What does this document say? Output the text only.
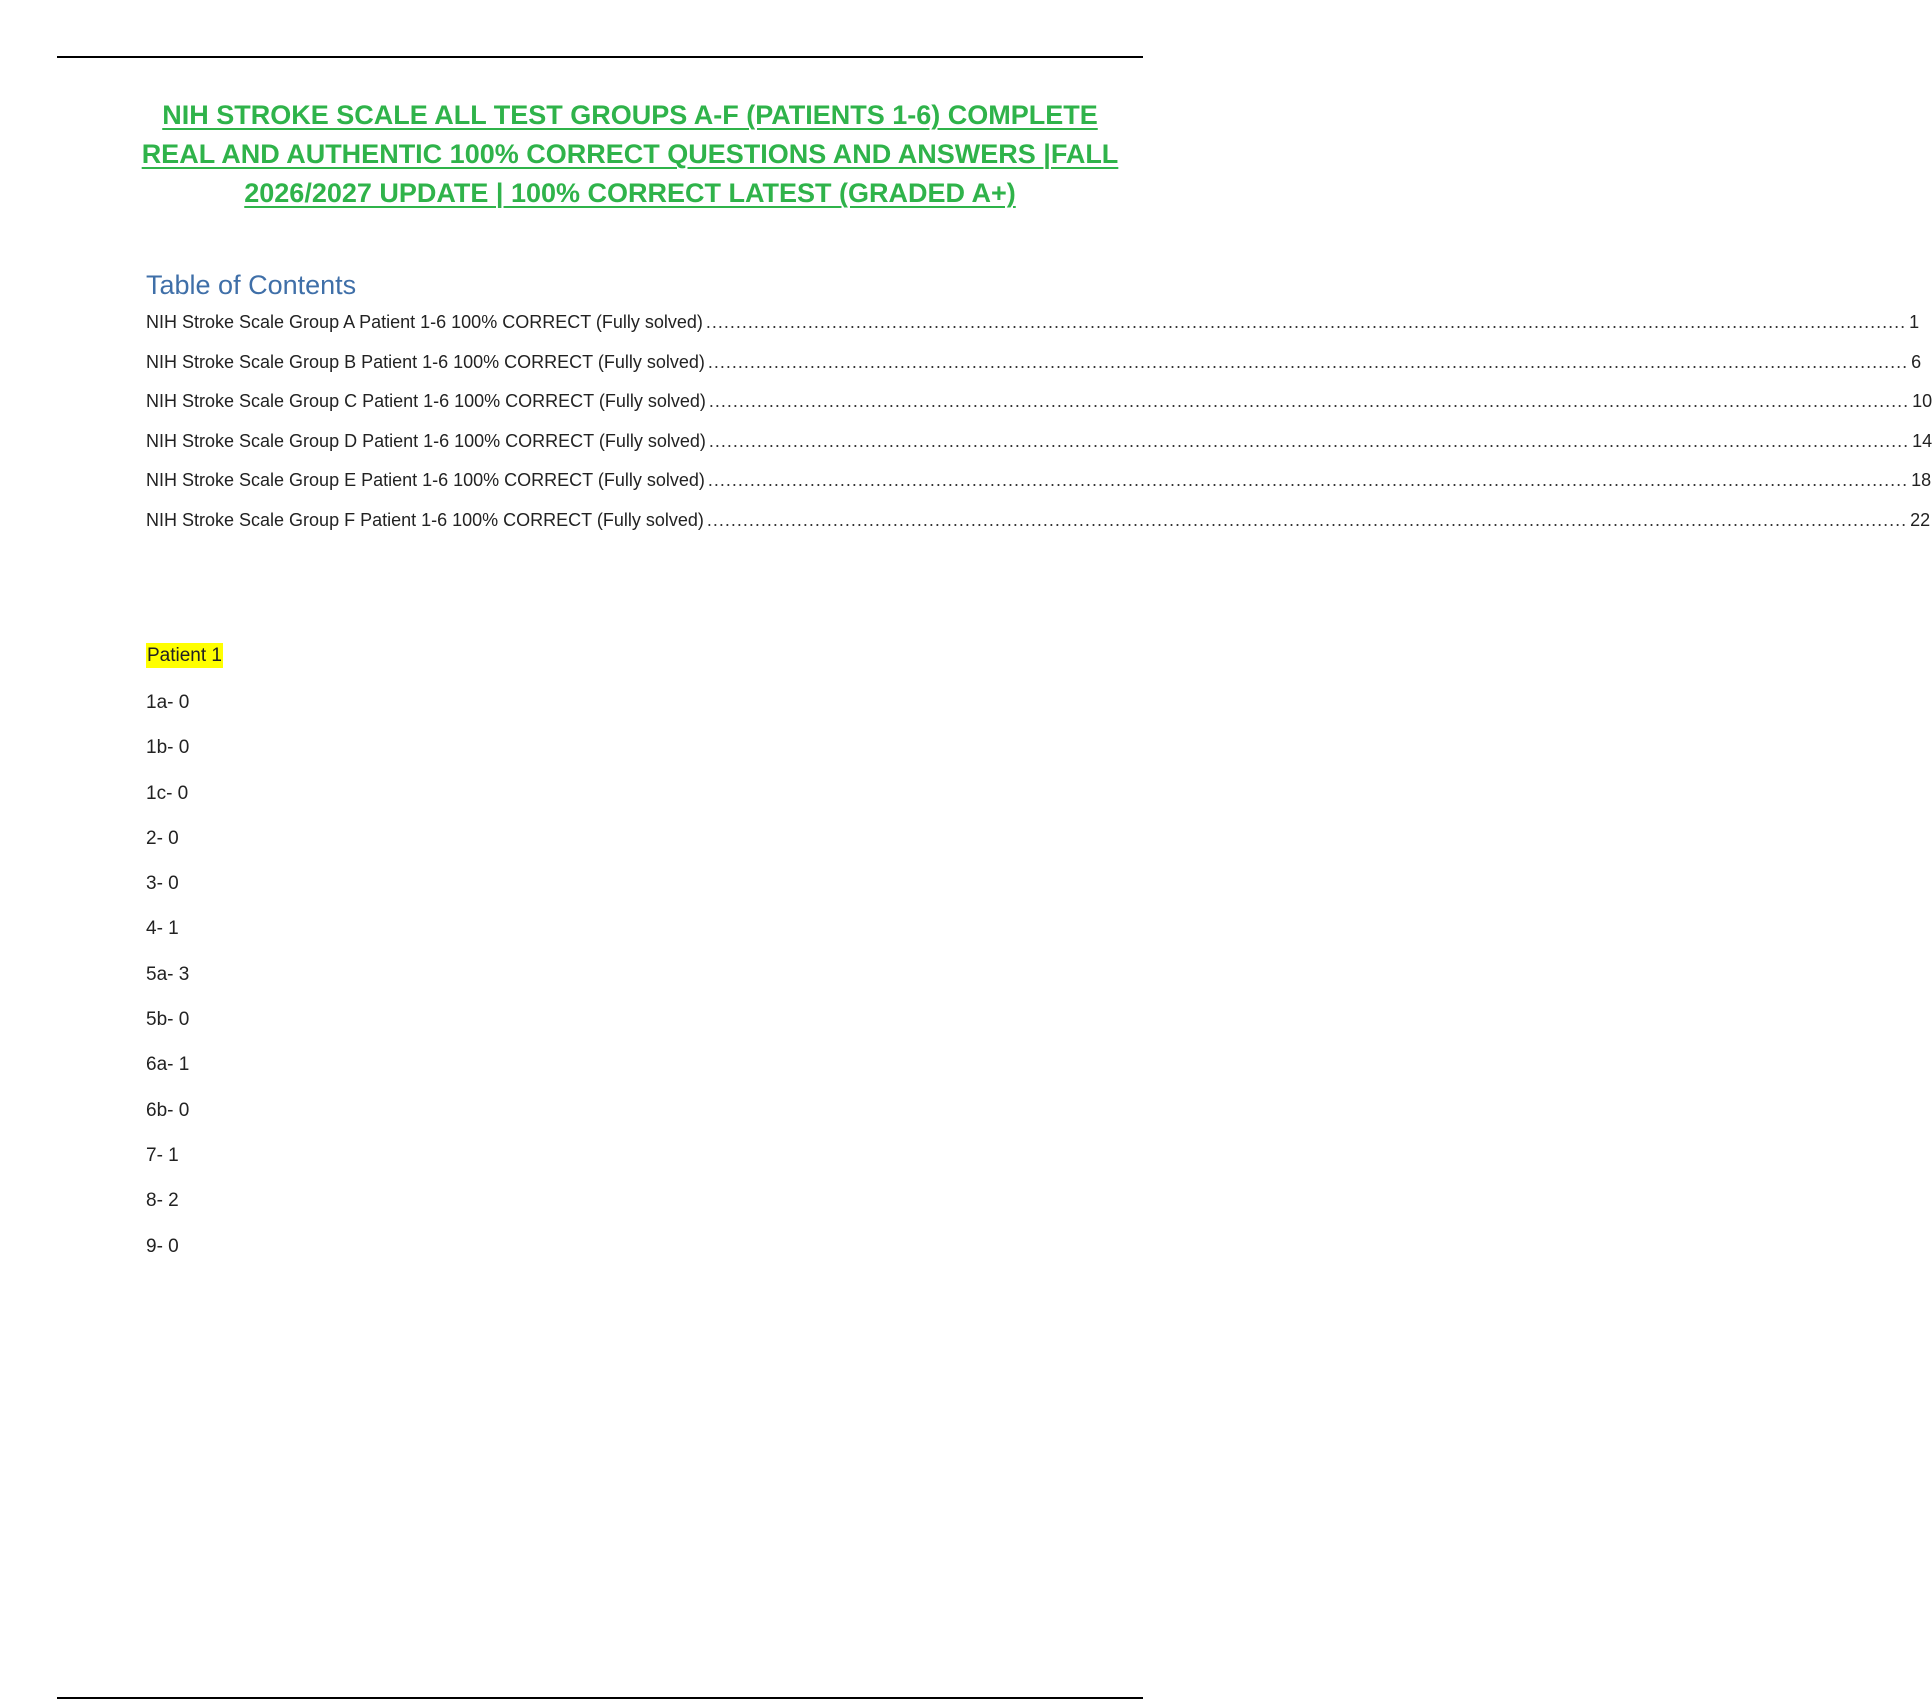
NIH STROKE SCALE ALL TEST GROUPS A-F (PATIENTS 1-6) COMPLETE
REAL AND AUTHENTIC 100% CORRECT QUESTIONS AND ANSWERS |FALL
2026/2027 UPDATE | 100% CORRECT LATEST (GRADED A+)
Table of Contents
NIH Stroke Scale Group A Patient 1-6 100% CORRECT (Fully solved) ........................................................................................................................................................................................................ 1
NIH Stroke Scale Group B Patient 1-6 100% CORRECT (Fully solved) ........................................................................................................................................................................................................ 6
NIH Stroke Scale Group C Patient 1-6 100% CORRECT (Fully solved) ........................................................................................................................................................................................................ 10
NIH Stroke Scale Group D Patient 1-6 100% CORRECT (Fully solved) ........................................................................................................................................................................................................ 14
NIH Stroke Scale Group E Patient 1-6 100% CORRECT (Fully solved) ........................................................................................................................................................................................................ 18
NIH Stroke Scale Group F Patient 1-6 100% CORRECT (Fully solved) ........................................................................................................................................................................................................ 22

Patient 1

1a- 0
1b- 0
1c- 0
2- 0
3- 0
4- 1
5a- 3
5b- 0
6a- 1
6b- 0
7- 1
8- 2
9- 0
